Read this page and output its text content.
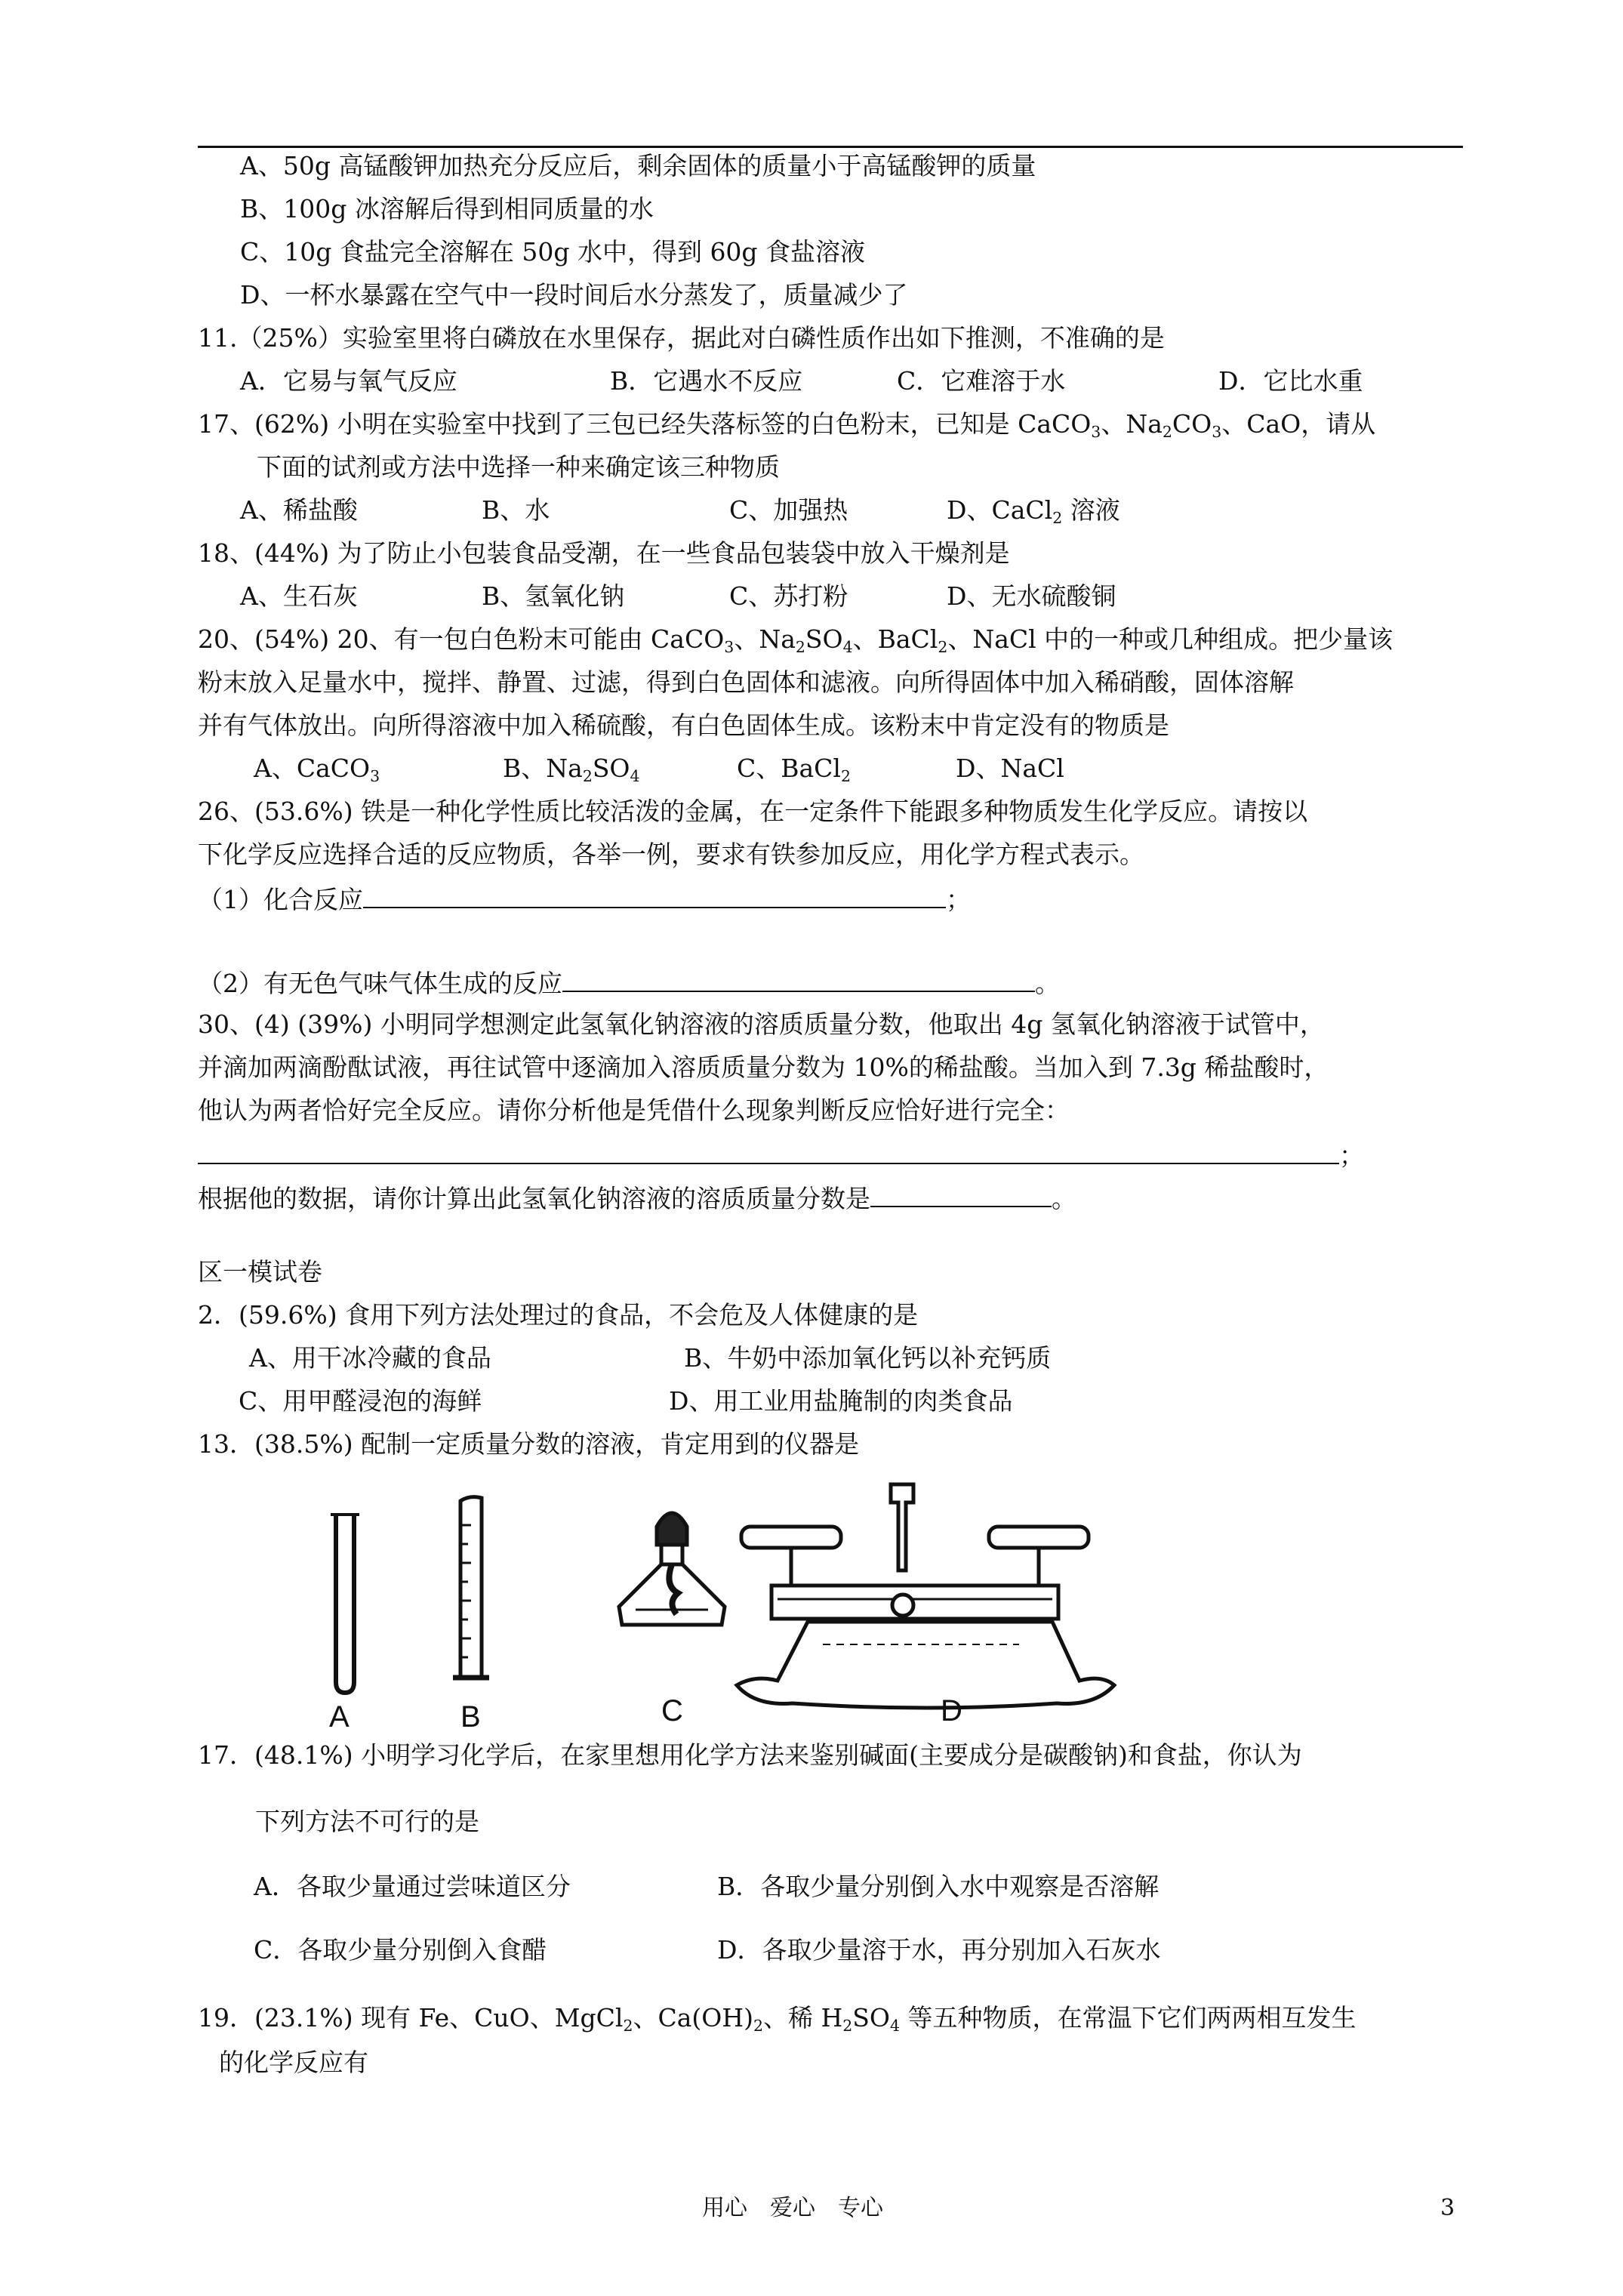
A、50g 高锰酸钾加热充分反应后，剩余固体的质量小于高锰酸钾的质量
B、100g 冰溶解后得到相同质量的水
C、10g 食盐完全溶解在 50g 水中，得到 60g 食盐溶液
D、一杯水暴露在空气中一段时间后水分蒸发了，质量减少了
11.（25%）实验室里将白磷放在水里保存，据此对白磷性质作出如下推测，不准确的是
A．它易与氧气反应	B．它遇水不反应	C．它难溶于水	D．它比水重
17、(62%) 小明在实验室中找到了三包已经失落标签的白色粉末，已知是 CaCO$_3$、$Na_2CO_3$、CaO，请从
下面的试剂或方法中选择一种来确定该三种物质
A、稀盐酸	B、水	C、加强热	D、CaCl$_2$ 溶液
18、(44%) 为了防止小包装食品受潮，在一些食品包装袋中放入干燥剂是
A、生石灰	B、氢氧化钠	C、苏打粉	D、无水硫酸铜
20、(54%) 20、有一包白色粉末可能由 CaCO$_3$、$Na_2SO_4$、BaCl$_2$、NaCl 中的一种或几种组成。把少量该
粉末放入足量水中，搅拌、静置、过滤，得到白色固体和滤液。向所得固体中加入稀硝酸，固体溶解
并有气体放出。向所得溶液中加入稀硫酸，有白色固体生成。该粉末中肯定没有的物质是
A、CaCO$_3$	B、$Na_2SO_4$	C、BaCl$_2$	D、NaCl
26、(53.6%) 铁是一种化学性质比较活泼的金属，在一定条件下能跟多种物质发生化学反应。请按以
下化学反应选择合适的反应物质，各举一例，要求有铁参加反应，用化学方程式表示。
（1）化合反应	；
（2）有无色气味气体生成的反应	。
30、(4) (39%) 小明同学想测定此氢氧化钠溶液的溶质质量分数，他取出 4g 氢氧化钠溶液于试管中，
并滴加两滴酚酞试液，再往试管中逐滴加入溶质质量分数为 10%的稀盐酸。当加入到 7.3g 稀盐酸时，
他认为两者恰好完全反应。请你分析他是凭借什么现象判断反应恰好进行完全：
；
根据他的数据，请你计算出此氢氧化钠溶液的溶质质量分数是	。
区一模试卷
2．(59.6%) 食用下列方法处理过的食品，不会危及人体健康的是
A、用干冰冷藏的食品	B、牛奶中添加氧化钙以补充钙质
C、用甲醛浸泡的海鲜	D、用工业用盐腌制的肉类食品
13．(38.5%) 配制一定质量分数的溶液，肯定用到的仪器是
A	B	C	D
17．(48.1%) 小明学习化学后，在家里想用化学方法来鉴别碱面(主要成分是碳酸钠)和食盐，你认为
下列方法不可行的是
A．各取少量通过尝味道区分	B．各取少量分别倒入水中观察是否溶解
C．各取少量分别倒入食醋	D．各取少量溶于水，再分别加入石灰水
19．(23.1%) 现有 Fe、CuO、MgCl$_2$、$Ca(OH)_2$、稀 $H_2SO_4$ 等五种物质，在常温下它们两两相互发生
的化学反应有
用心　爱心　专心	3
